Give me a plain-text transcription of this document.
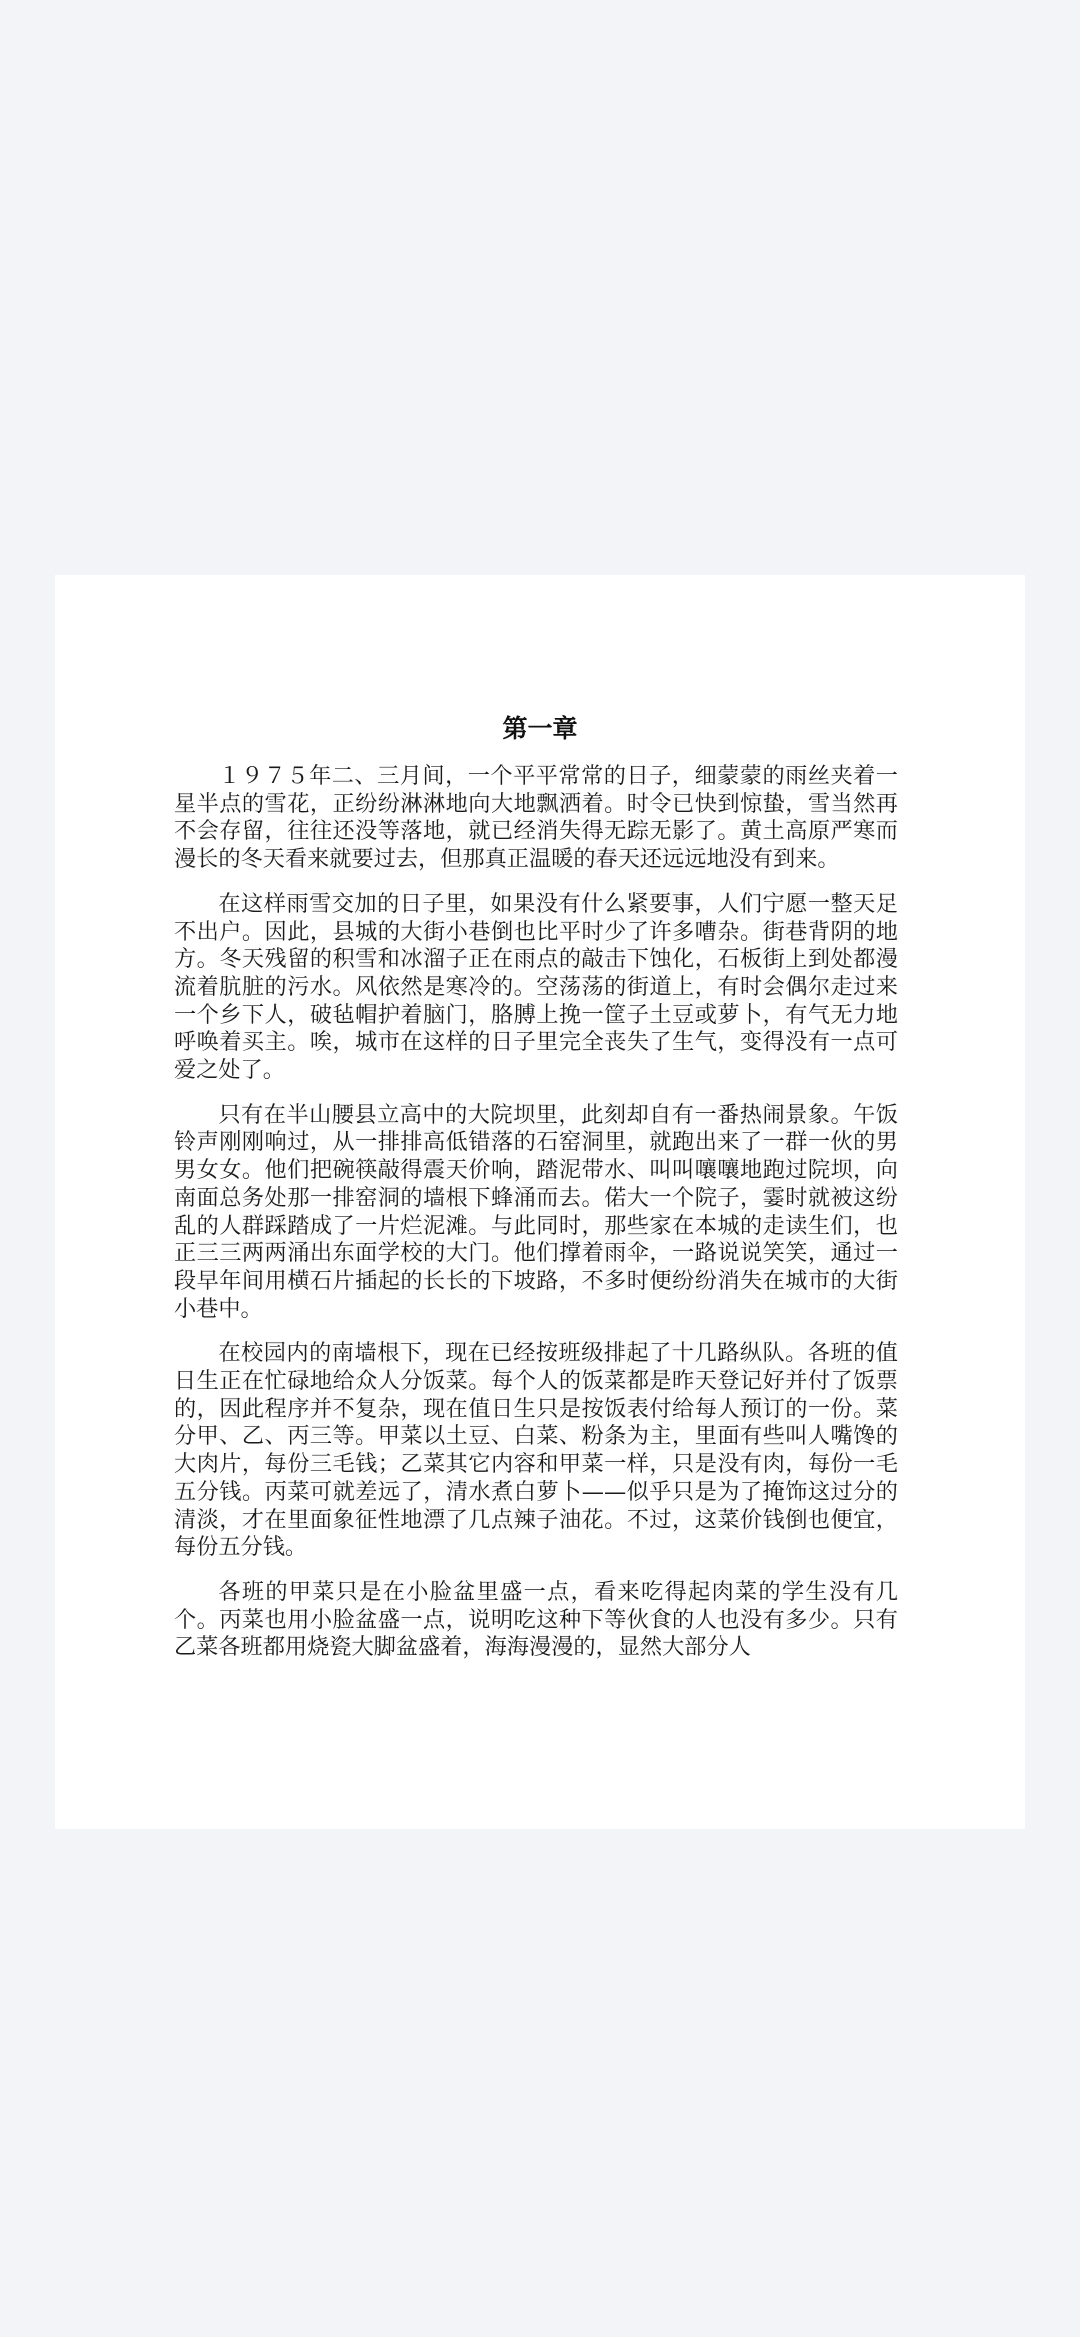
第一章

１９７５年二、三月间，一个平平常常的日子，细蒙蒙的雨丝夹着一星半点的雪花，正纷纷淋淋地向大地飘洒着。时令已快到惊蛰，雪当然再不会存留，往往还没等落地，就已经消失得无踪无影了。黄土高原严寒而漫长的冬天看来就要过去，但那真正温暖的春天还远远地没有到来。

在这样雨雪交加的日子里，如果没有什么紧要事，人们宁愿一整天足不出户。因此，县城的大街小巷倒也比平时少了许多嘈杂。街巷背阴的地方。冬天残留的积雪和冰溜子正在雨点的敲击下蚀化，石板街上到处都漫流着肮脏的污水。风依然是寒冷的。空荡荡的街道上，有时会偶尔走过来一个乡下人，破毡帽护着脑门，胳膊上挽一筐子土豆或萝卜，有气无力地呼唤着买主。唉，城市在这样的日子里完全丧失了生气，变得没有一点可爱之处了。

只有在半山腰县立高中的大院坝里，此刻却自有一番热闹景象。午饭铃声刚刚响过，从一排排高低错落的石窑洞里，就跑出来了一群一伙的男男女女。他们把碗筷敲得震天价响，踏泥带水、叫叫嚷嚷地跑过院坝，向南面总务处那一排窑洞的墙根下蜂涌而去。偌大一个院子，霎时就被这纷乱的人群踩踏成了一片烂泥滩。与此同时，那些家在本城的走读生们，也正三三两两涌出东面学校的大门。他们撑着雨伞，一路说说笑笑，通过一段早年间用横石片插起的长长的下坡路，不多时便纷纷消失在城市的大街小巷中。

在校园内的南墙根下，现在已经按班级排起了十几路纵队。各班的值日生正在忙碌地给众人分饭菜。每个人的饭菜都是昨天登记好并付了饭票的，因此程序并不复杂，现在值日生只是按饭表付给每人预订的一份。菜分甲、乙、丙三等。甲菜以土豆、白菜、粉条为主，里面有些叫人嘴馋的大肉片，每份三毛钱；乙菜其它内容和甲菜一样，只是没有肉，每份一毛五分钱。丙菜可就差远了，清水煮白萝卜——似乎只是为了掩饰这过分的清淡，才在里面象征性地漂了几点辣子油花。不过，这菜价钱倒也便宜，每份五分钱。

各班的甲菜只是在小脸盆里盛一点，看来吃得起肉菜的学生没有几个。丙菜也用小脸盆盛一点，说明吃这种下等伙食的人也没有多少。只有乙菜各班都用烧瓷大脚盆盛着，海海漫漫的，显然大部分人
